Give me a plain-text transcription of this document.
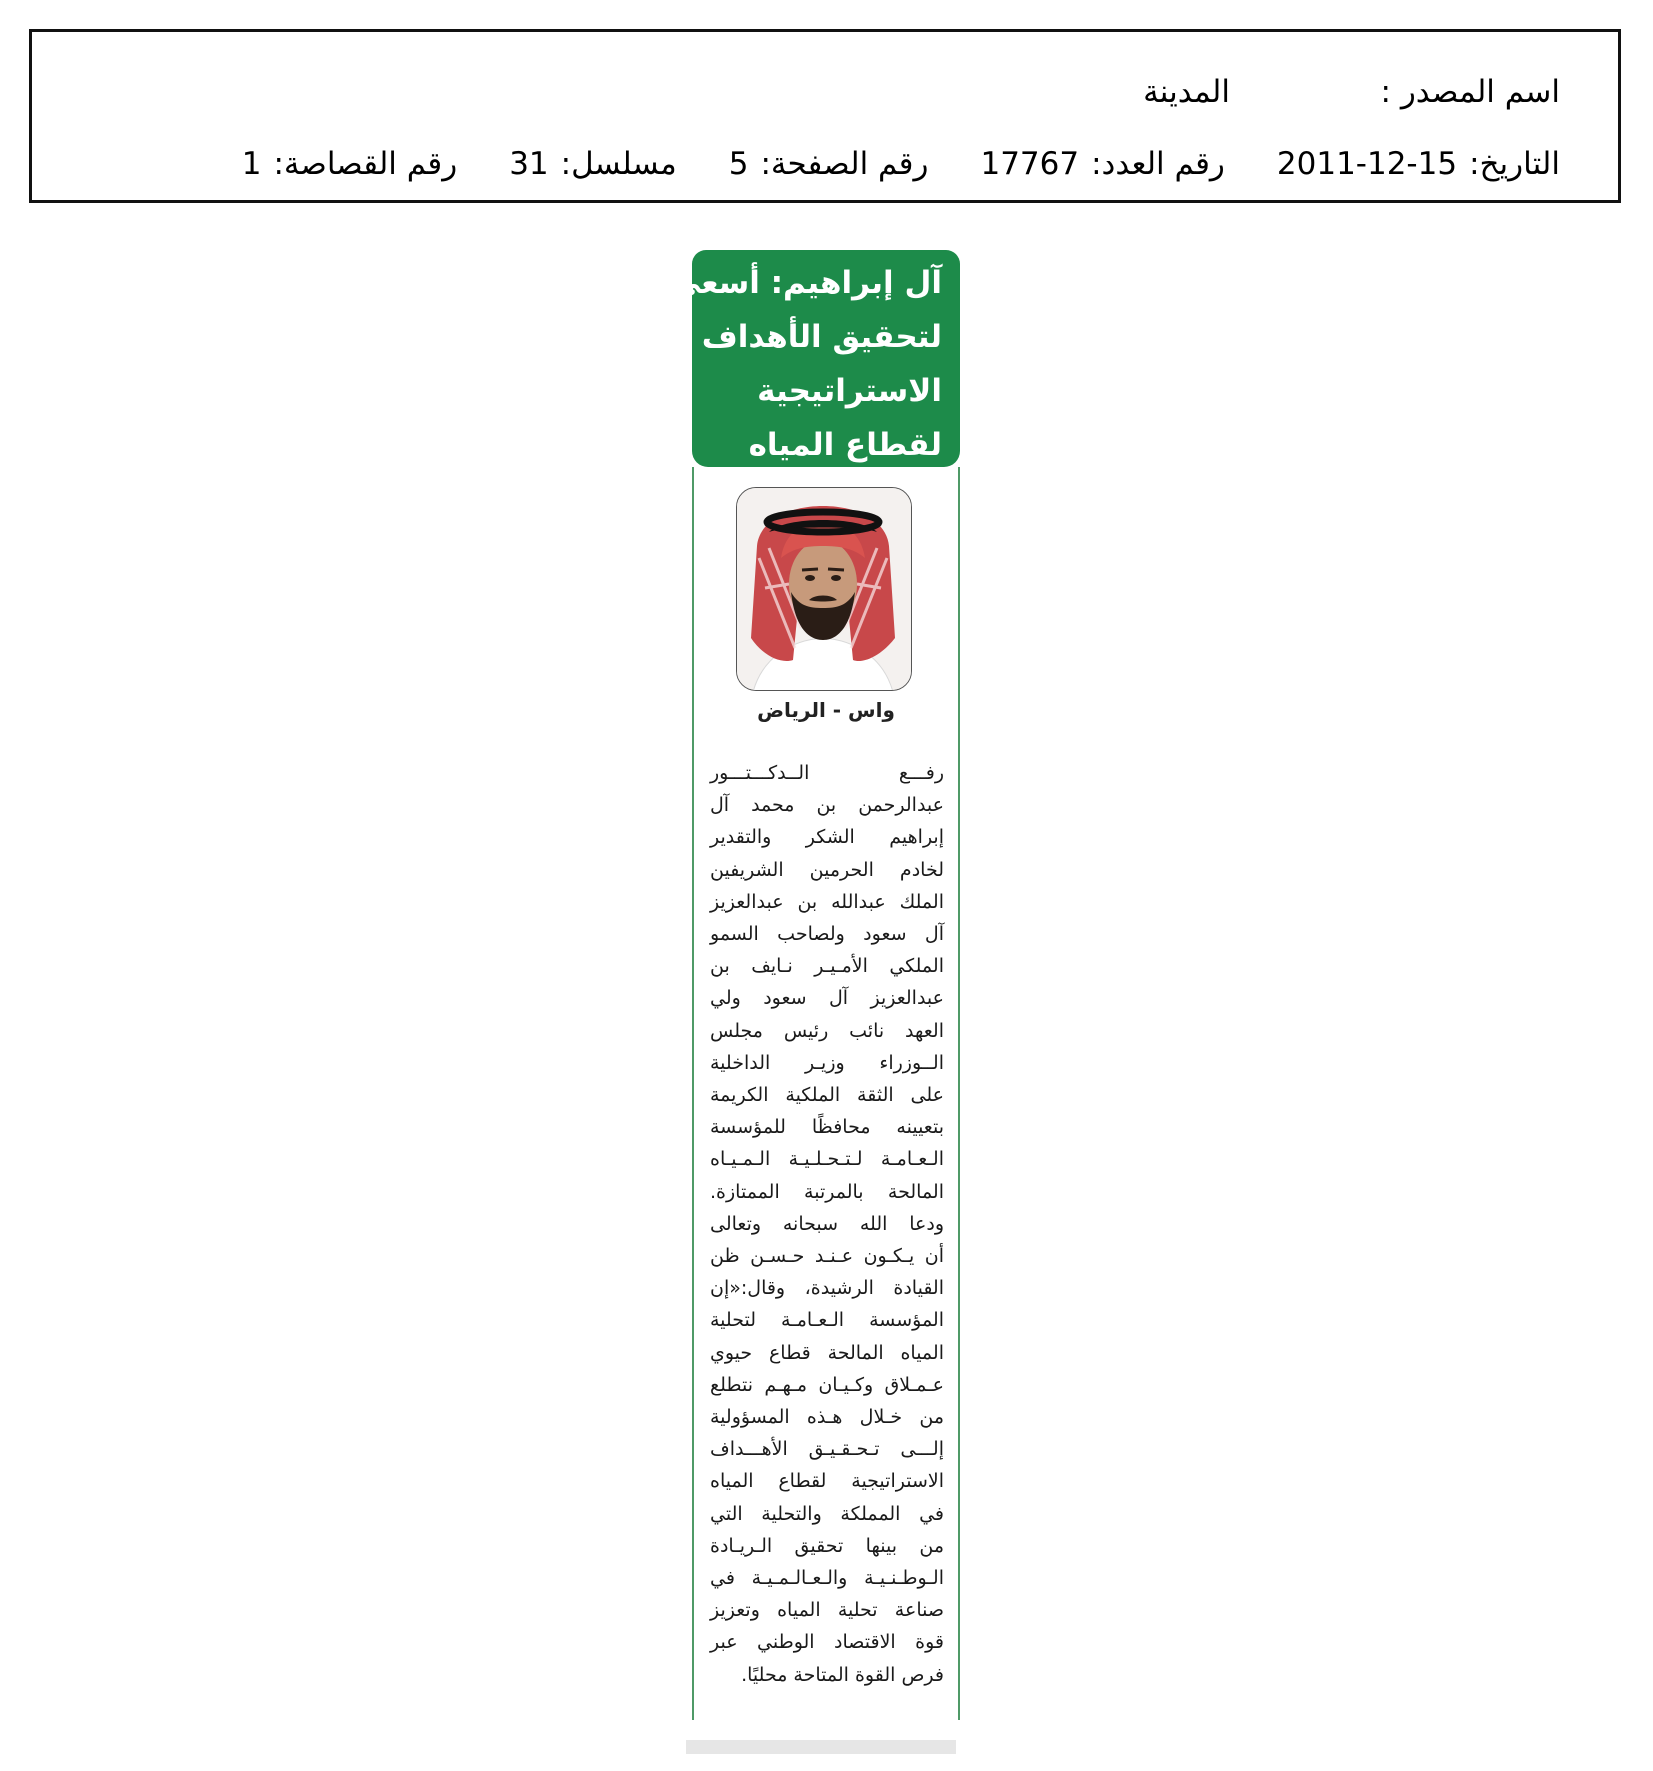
اسم المصدر :
المدينة
التاريخ:
2011-12-15
رقم العدد:
17767
رقم الصفحة:
5
مسلسل:
31
رقم القصاصة:
1
آل إبراهيم: أسعى
لتحقيق الأهداف
الاستراتيجية
لقطاع المياه
واس - الرياض
رفـــع الــدكـــتـــور
عبدالرحمن بن محمد آل
إبراهيم الشكر والتقدير
لخادم الحرمين الشريفين
الملك عبدالله بن عبدالعزيز
آل سعود ولصاحب السمو
الملكي الأمـيـر نـايف بن
عبدالعزيز آل سعود ولي
العهد نائب رئيس مجلس
الــوزراء وزيـر الداخلية
على الثقة الملكية الكريمة
بتعيينه محافظًا للمؤسسة
الـعـامـة لـتـحـلـيـة الـمـيـاه
المالحة بالمرتبة الممتازة.
ودعا الله سبحانه وتعالى
أن يـكـون عـنـد حـسـن ظن
القيادة الرشيدة، وقال:«إن
المؤسسة الـعـامـة لتحلية
المياه المالحة قطاع حيوي
عـمـلاق وكـيـان مـهـم نتطلع
من خـلال هـذه المسؤولية
إلـــى تـحـقـيـق الأهـــداف
الاستراتيجية لقطاع المياه
في المملكة والتحلية التي
من بينها تحقيق الـريـادة
الـوطـنـيـة والـعـالـمـيـة في
صناعة تحلية المياه وتعزيز
قوة الاقتصاد الوطني عبر
فرص القوة المتاحة محليًا.
